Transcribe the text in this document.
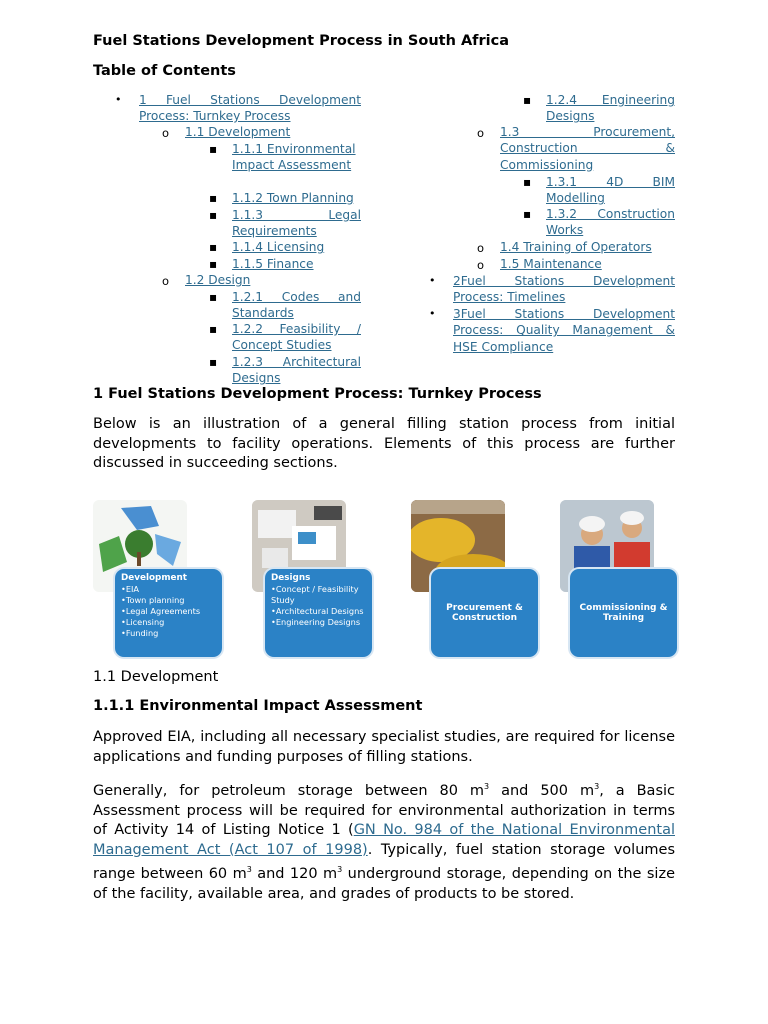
Fuel Stations Development Process in South Africa
Table of Contents
•
1 Fuel Stations Development Process: Turnkey Process
o
1.1 Development
▪
1.1.1 Environmental Impact Assessment
▪
1.1.2 Town Planning
▪
1.1.3 Legal Requirements
▪
1.1.4 Licensing
▪
1.1.5 Finance
o
1.2 Design
▪
1.2.1 Codes and Standards
▪
1.2.2 Feasibility / Concept Studies
▪
1.2.3 Architectural Designs
▪
1.2.4 Engineering Designs
o
1.3 Procurement, Construction & Commissioning
▪
1.3.1 4D BIM Modelling
▪
1.3.2 Construction Works
o
1.4 Training of Operators
o
1.5 Maintenance
•
2Fuel Stations Development Process: Timelines
•
3Fuel Stations Development Process: Quality Management & HSE Compliance
1 Fuel Stations Development Process: Turnkey Process
Below is an illustration of a general filling station process from initial developments to facility operations. Elements of this process are further discussed in succeeding sections.
Development
• EIA
• Town planning
• Legal Agreements
• Licensing
• Funding
Designs
• Concept / Feasibility Study
• Architectural Designs
• Engineering Designs
Procurement & Construction
Commissioning & Training
1.1 Development
1.1.1 Environmental Impact Assessment
Approved EIA, including all necessary specialist studies, are required for license applications and funding purposes of filling stations.
Generally, for petroleum storage between 80 $m^3$ and 500 $m^3$, a Basic Assessment process will be required for environmental authorization in terms of Activity 14 of Listing Notice 1 (GN No. 984 of the National Environmental Management Act (Act 107 of 1998). Typically, fuel station storage volumes range between 60 $m^3$ and 120 $m^3$ underground storage, depending on the size of the facility, available area, and grades of products to be stored.
